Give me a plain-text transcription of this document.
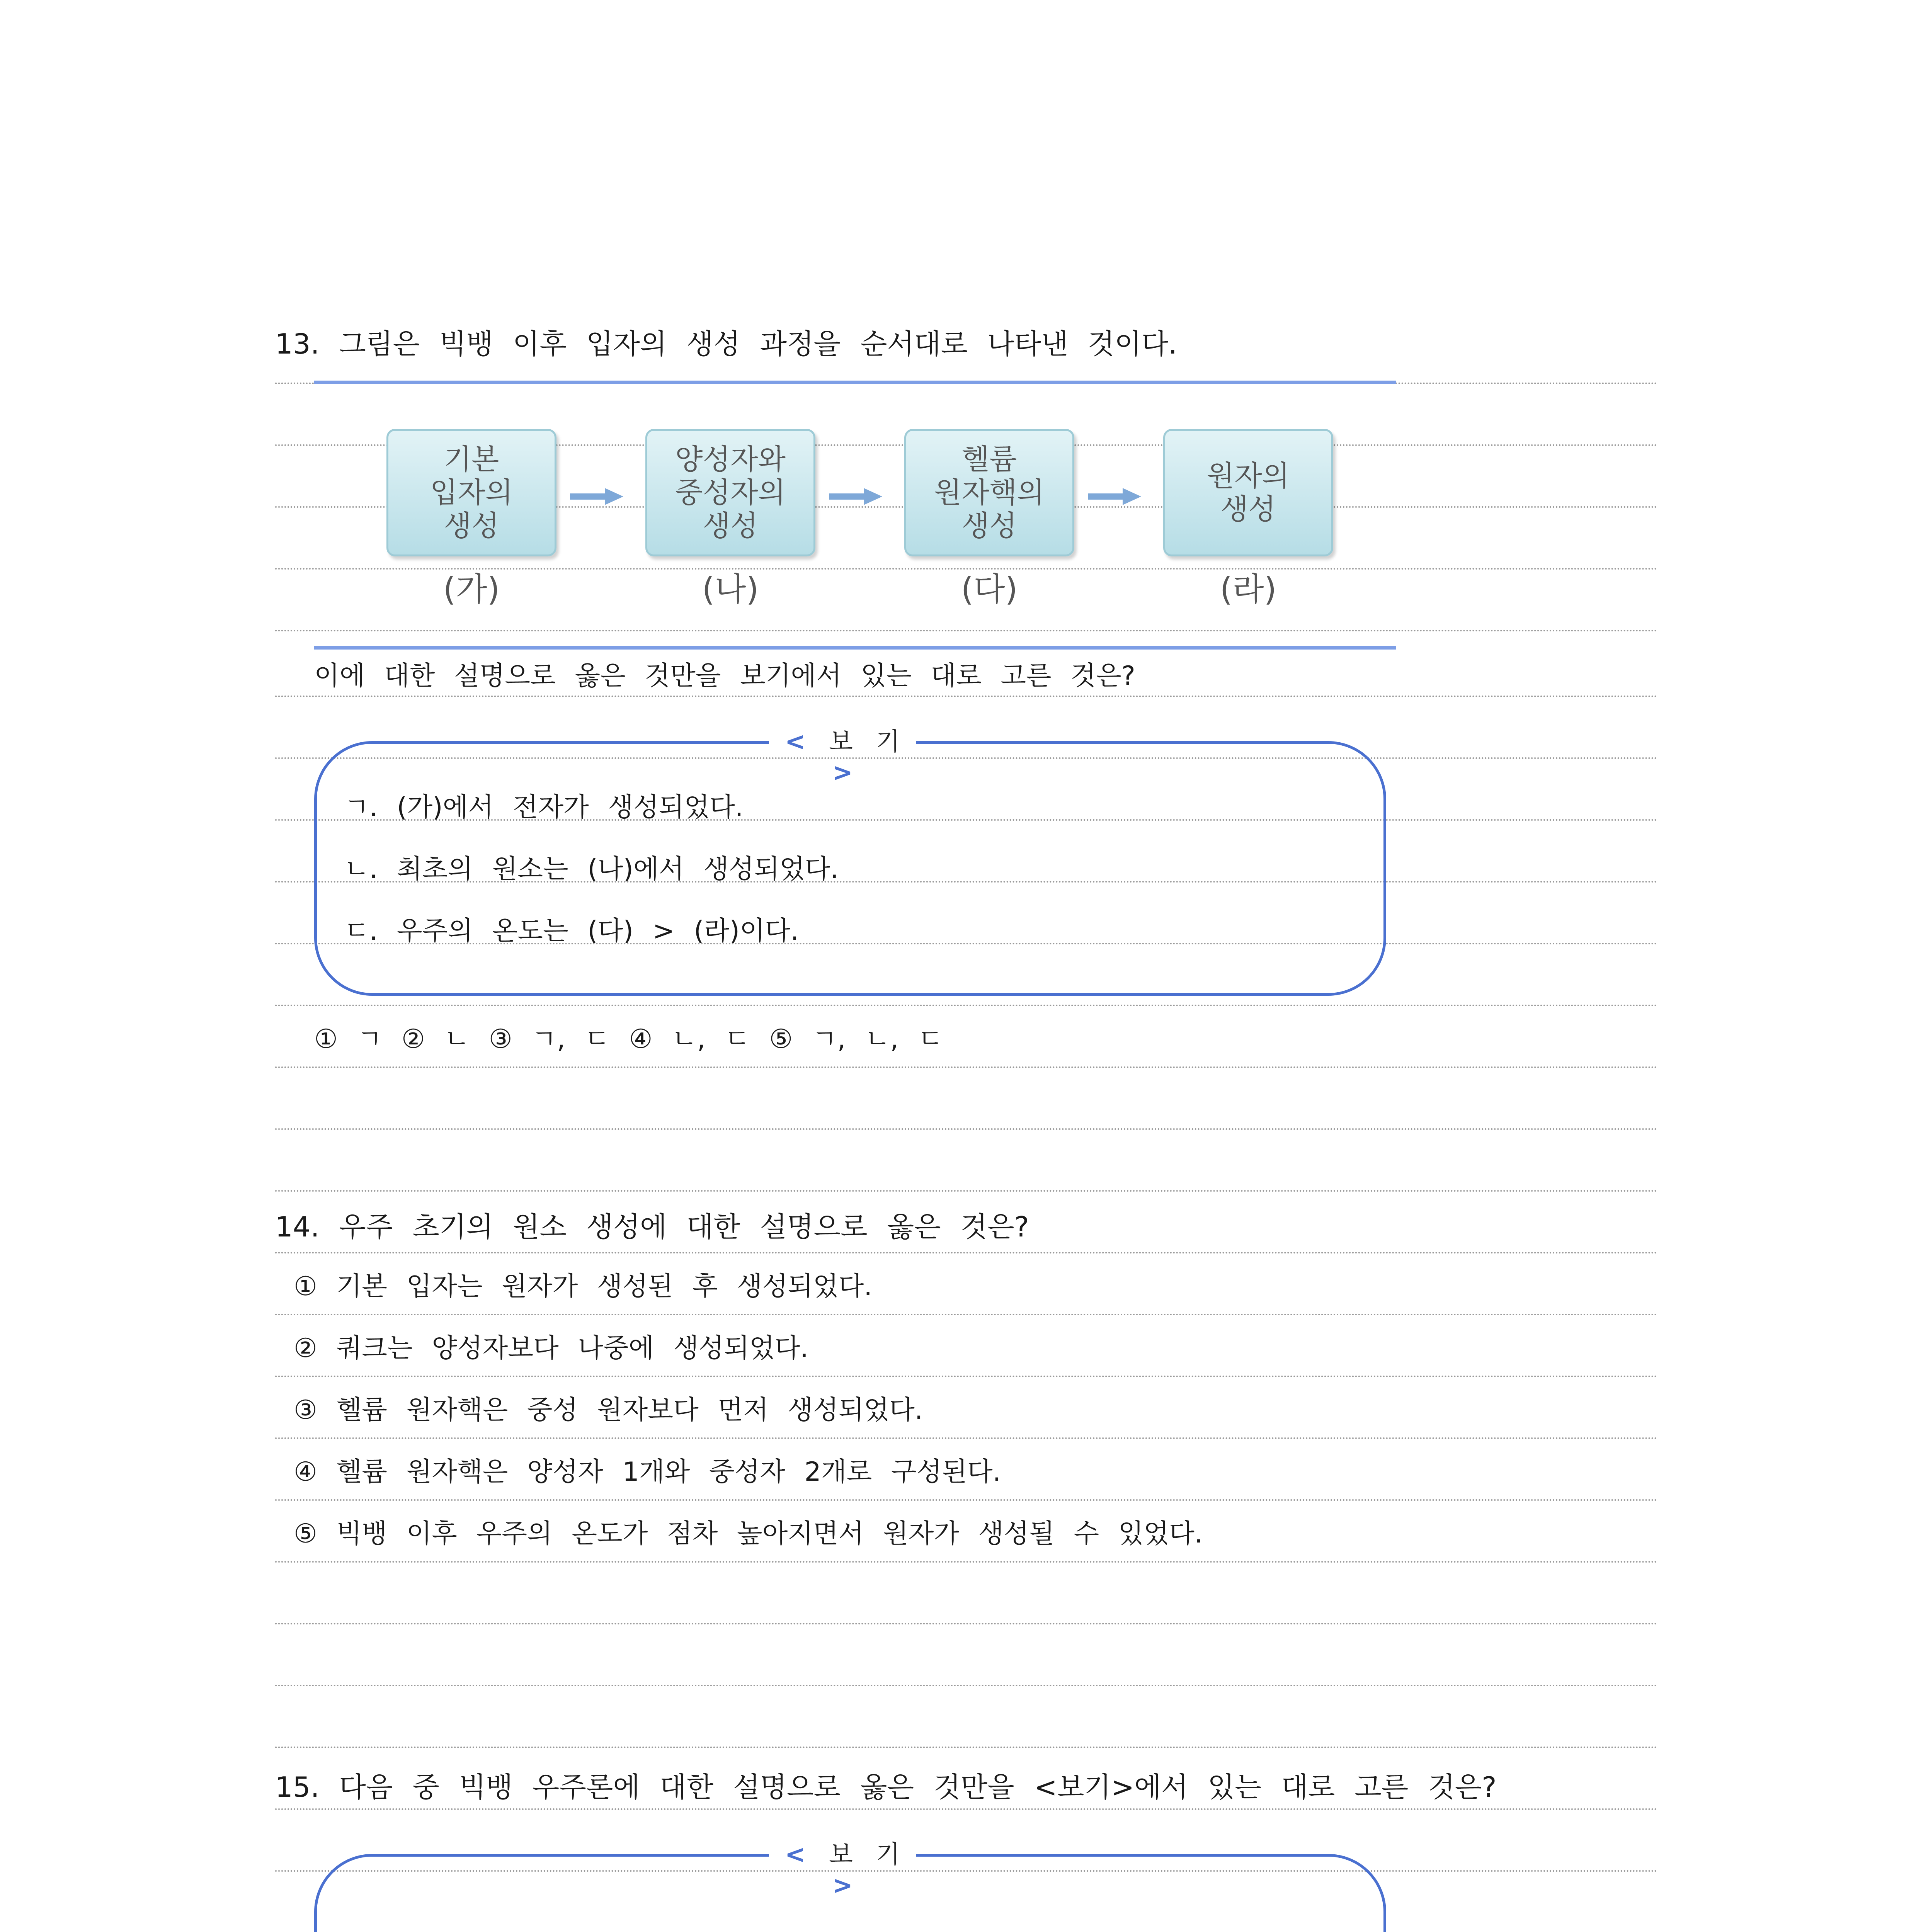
13. 그림은 빅뱅 이후 입자의 생성 과정을 순서대로 나타낸 것이다.
기본
입자의
생성
양성자와
중성자의
생성
헬륨
원자핵의
생성
원자의
생성
(가)	(나)	(다)	(라)
이에 대한 설명으로 옳은 것만을 보기에서 있는 대로 고른 것은?
< 보 기 >
ㄱ. (가)에서 전자가 생성되었다.
ㄴ. 최초의 원소는 (나)에서 생성되었다.
ㄷ. 우주의 온도는 (다) > (라)이다.
① ㄱ ② ㄴ ③ ㄱ, ㄷ ④ ㄴ, ㄷ ⑤ ㄱ, ㄴ, ㄷ
14. 우주 초기의 원소 생성에 대한 설명으로 옳은 것은?
① 기본 입자는 원자가 생성된 후 생성되었다.
② 쿼크는 양성자보다 나중에 생성되었다.
③ 헬륨 원자핵은 중성 원자보다 먼저 생성되었다.
④ 헬륨 원자핵은 양성자 1개와 중성자 2개로 구성된다.
⑤ 빅뱅 이후 우주의 온도가 점차 높아지면서 원자가 생성될 수 있었다.
15. 다음 중 빅뱅 우주론에 대한 설명으로 옳은 것만을 <보기>에서 있는 대로 고른 것은?
< 보 기 >
